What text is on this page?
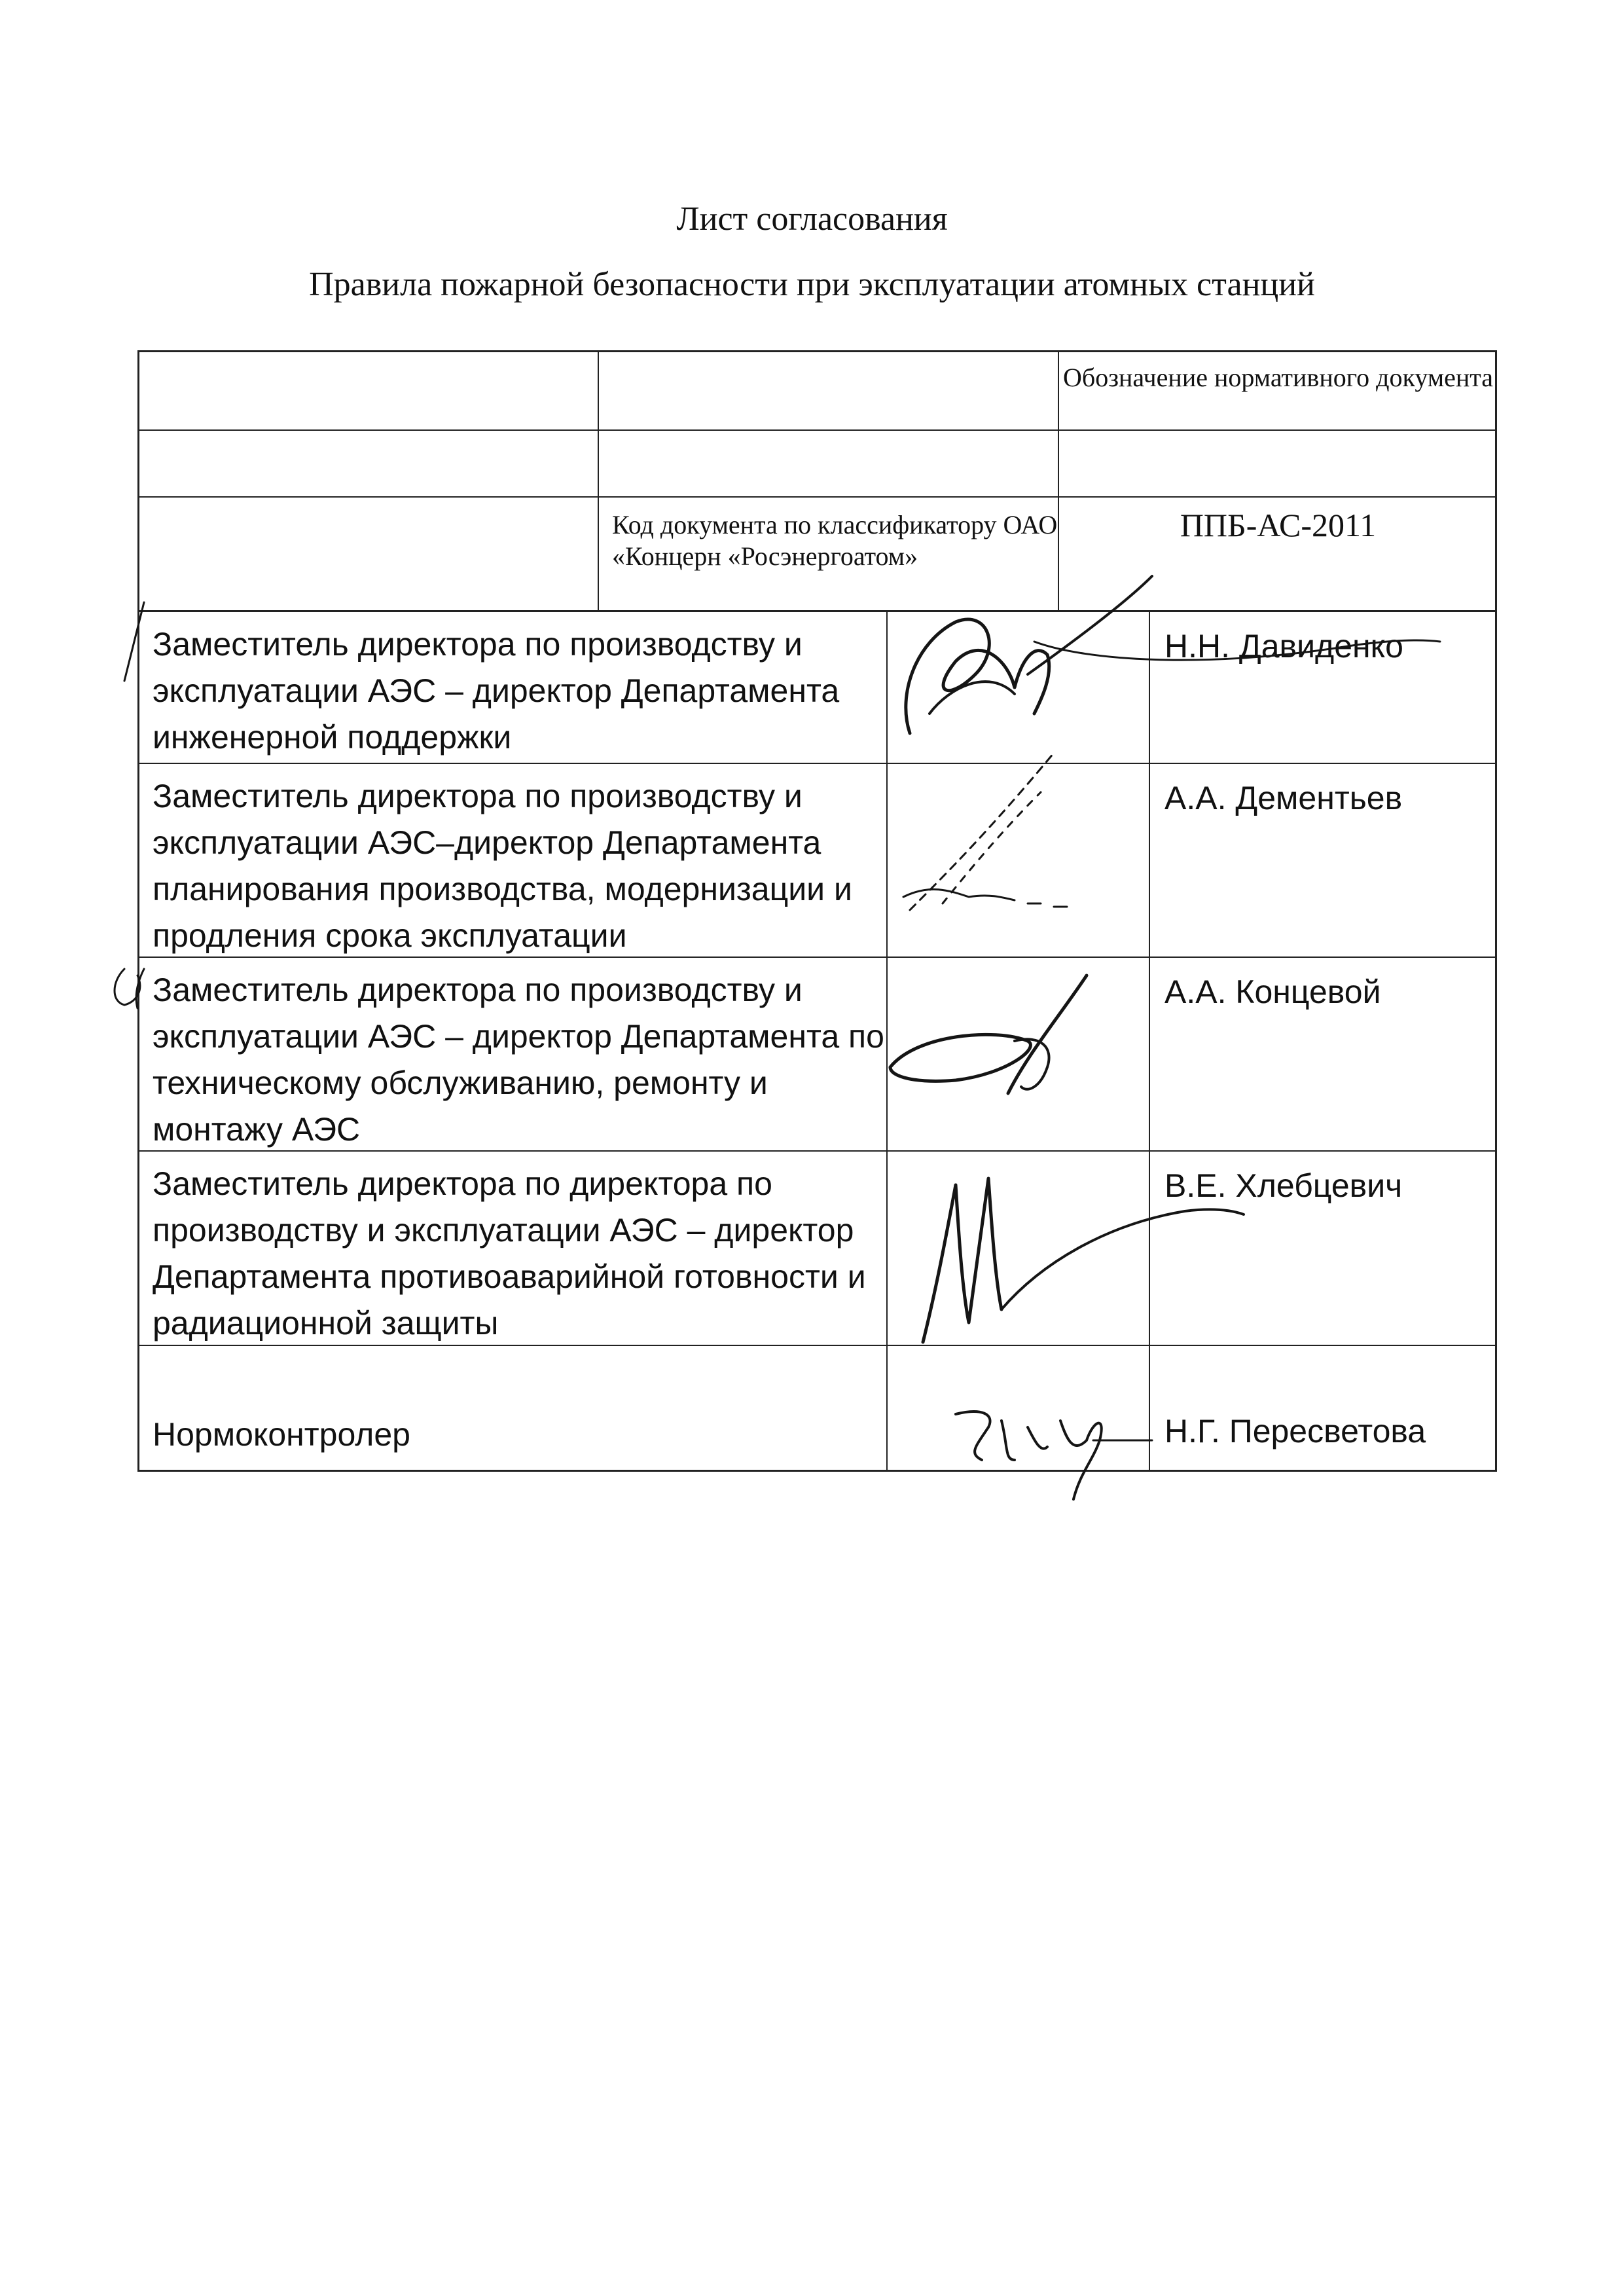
Лист согласования
Правила пожарной безопасности при эксплуатации атомных станций
Обозначение нормативного документа
Код документа по классификатору ОАО «Концерн «Росэнергоатом»
ППБ-АС-2011
Заместитель директора по производству и эксплуатации АЭС – директор Департамента инженерной поддержки
Н.Н. Давиденко
Заместитель директора по производству и эксплуатации АЭС–директор Департамента планирования производства, модернизации и продления срока эксплуатации
А.А. Дементьев
Заместитель директора по производству и эксплуатации АЭС – директор Департамента по техническому обслуживанию, ремонту и монтажу АЭС
А.А. Концевой
Заместитель директора по директора по производству и эксплуатации АЭС – директор Департамента противоаварийной готовности и радиационной защиты
В.Е. Хлебцевич
Нормоконтролер	Н.Г. Пересветова
